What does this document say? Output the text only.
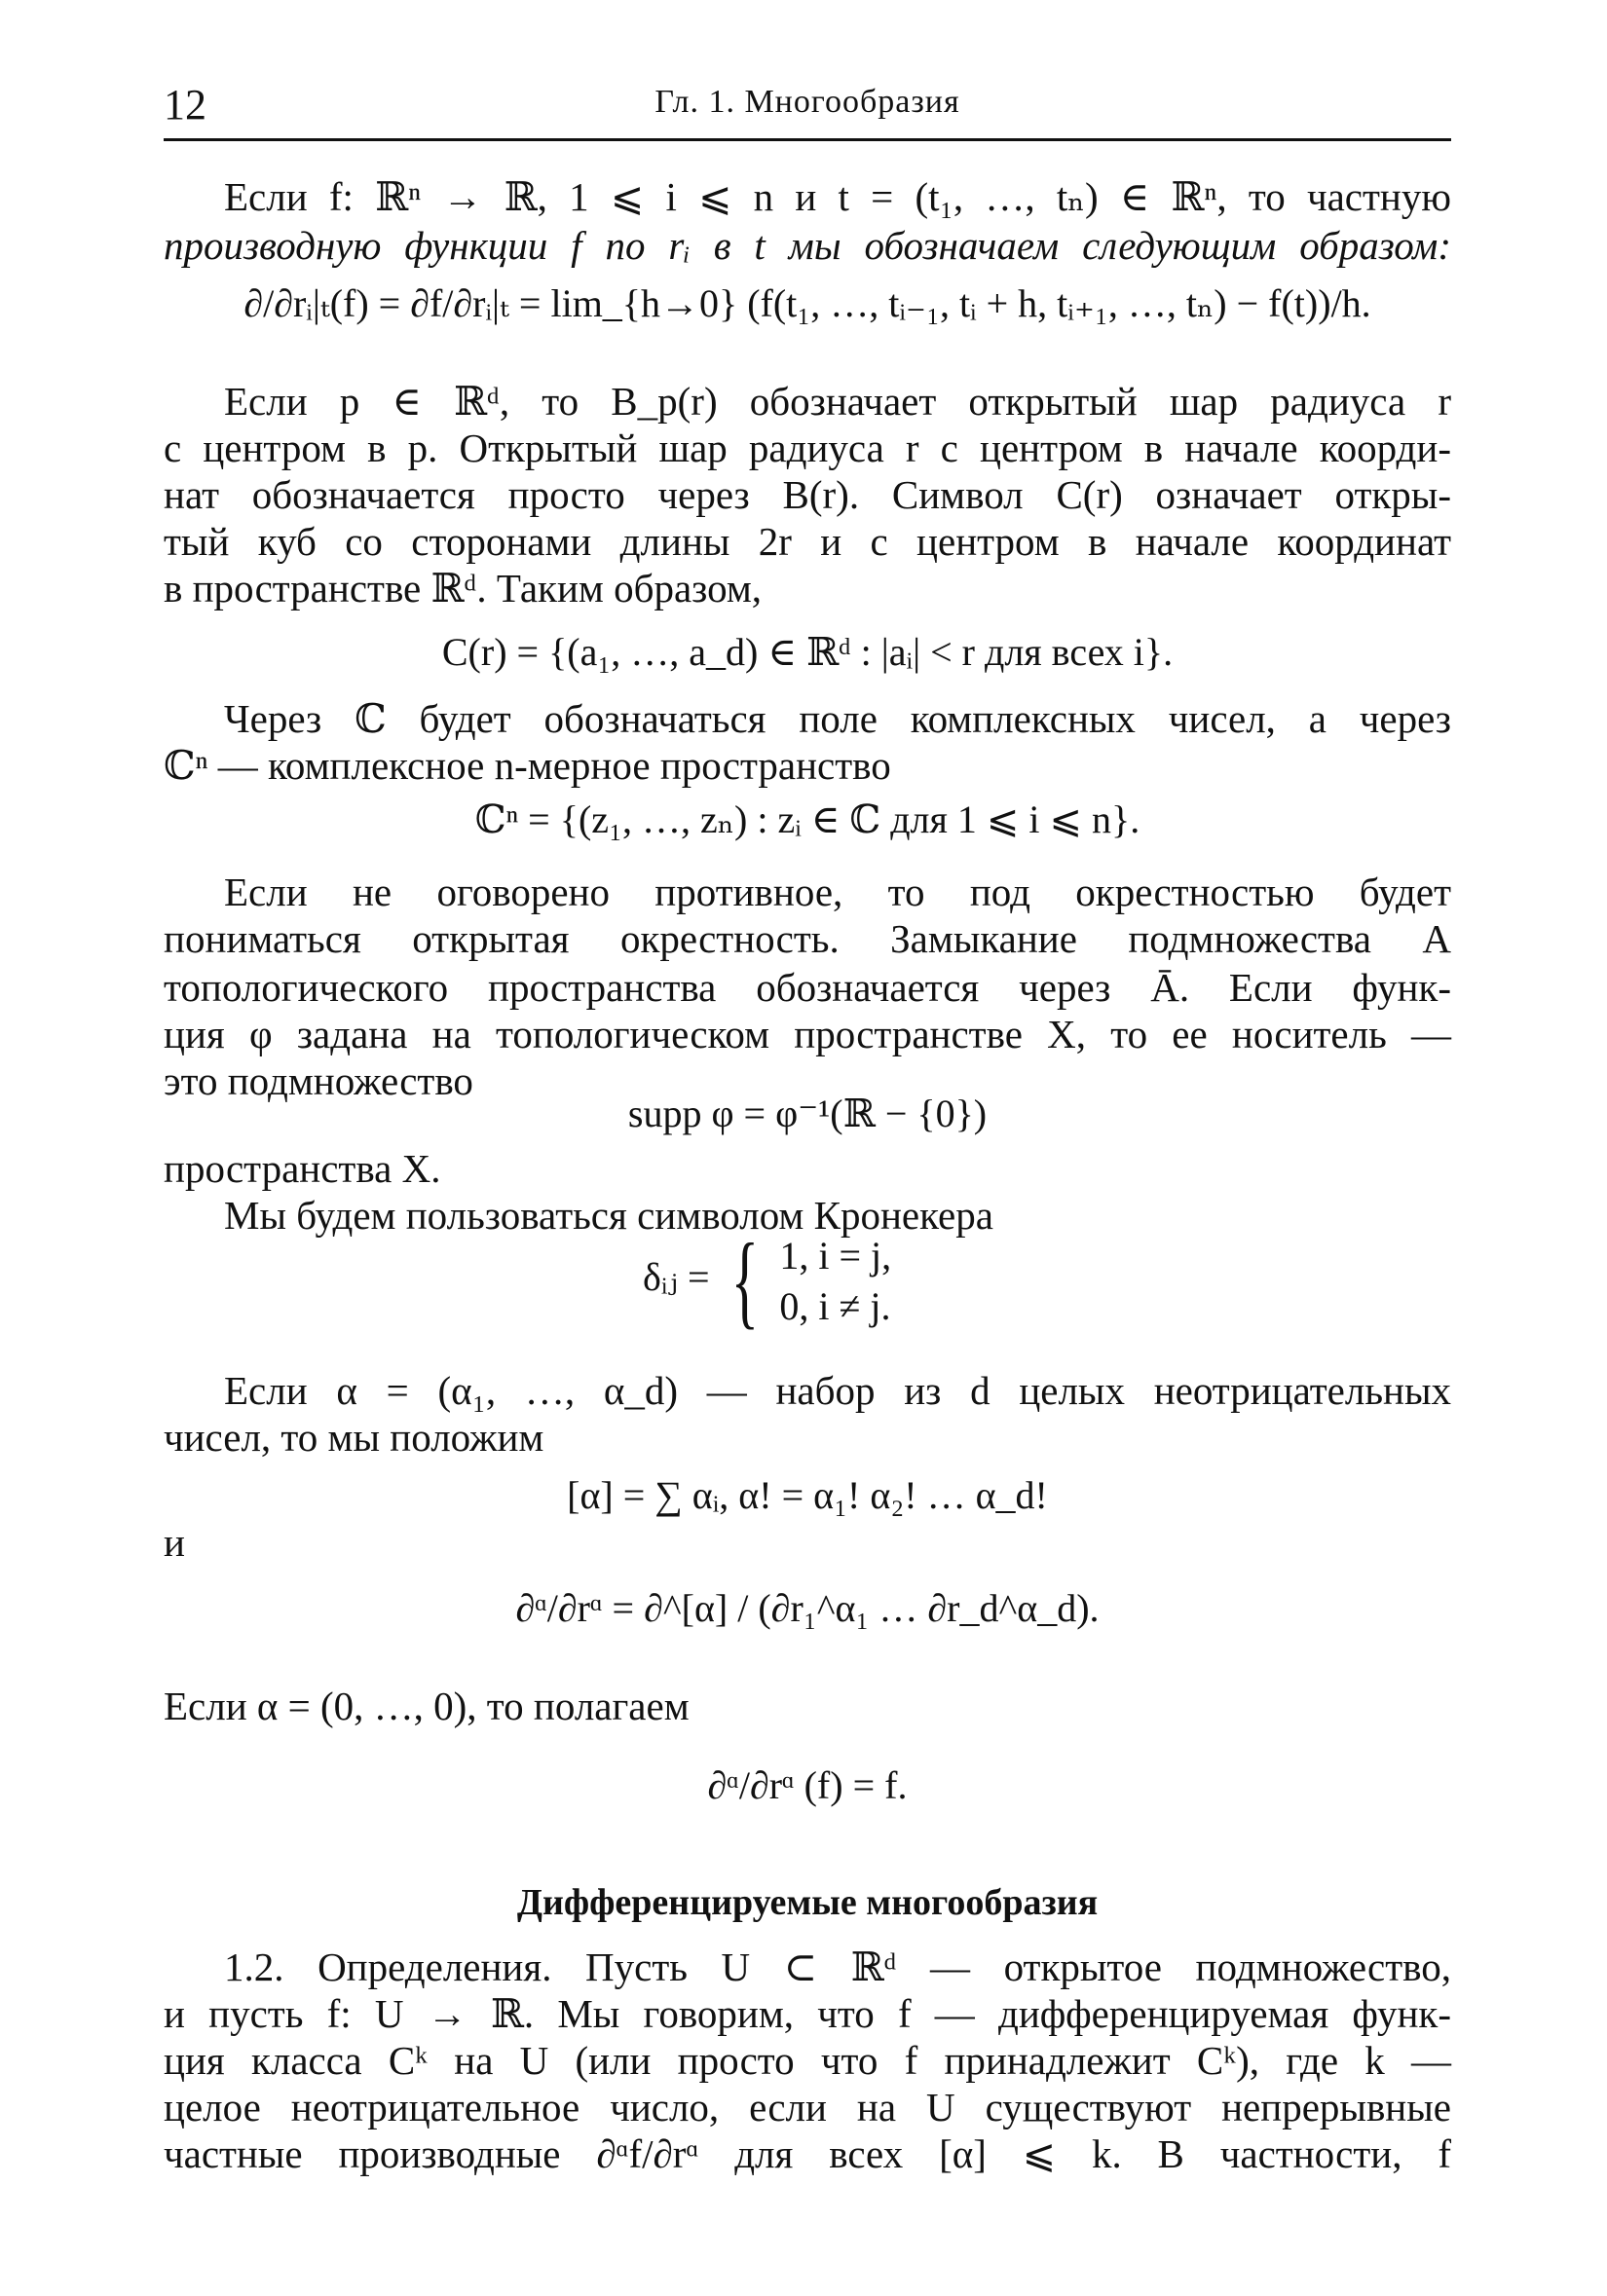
12	Гл. 1. Многообразия
Если f: ℝⁿ → ℝ, 1 ⩽ i ⩽ n и t = (t₁, …, tₙ) ∈ ℝⁿ, то частную
производную функции f по rᵢ в t мы обозначаем следующим образом:
∂/∂rᵢ|ₜ(f) = ∂f/∂rᵢ|ₜ = lim_{h→0} (f(t₁, …, tᵢ₋₁, tᵢ + h, tᵢ₊₁, …, tₙ) − f(t))/h.
Если p ∈ ℝᵈ, то B_p(r) обозначает открытый шар радиуса r
с центром в p. Открытый шар радиуса r с центром в начале коорди-
нат обозначается просто через B(r). Символ C(r) означает откры-
тый куб со сторонами длины 2r и с центром в начале координат
в пространстве ℝᵈ. Таким образом,
C(r) = {(a₁, …, a_d) ∈ ℝᵈ : |aᵢ| < r для всех i}.
Через ℂ будет обозначаться поле комплексных чисел, а через
ℂⁿ — комплексное n-мерное пространство
ℂⁿ = {(z₁, …, zₙ) : zᵢ ∈ ℂ для 1 ⩽ i ⩽ n}.
Если не оговорено противное, то под окрестностью будет
пониматься открытая окрестность. Замыкание подмножества A
топологического пространства обозначается через Ā. Если функ-
ция φ задана на топологическом пространстве X, то ее носитель —
это подмножество
supp φ = φ⁻¹(ℝ − {0})
пространства X.
Мы будем пользоваться символом Кронекера
δᵢⱼ = { 1, i = j,
0, i ≠ j.
Если α = (α₁, …, α_d) — набор из d целых неотрицательных
чисел, то мы положим
[α] = ∑ αᵢ, α! = α₁! α₂! … α_d!
и
∂ᵅ/∂rᵅ = ∂^[α] / (∂r₁^α₁ … ∂r_d^α_d).
Если α = (0, …, 0), то полагаем
∂ᵅ/∂rᵅ (f) = f.
Дифференцируемые многообразия
1.2. Определения. Пусть U ⊂ ℝᵈ — открытое подмножество,
и пусть f: U → ℝ. Мы говорим, что f — дифференцируемая функ-
ция класса Cᵏ на U (или просто что f принадлежит Cᵏ), где k —
целое неотрицательное число, если на U существуют непрерывные
частные производные ∂ᵅf/∂rᵅ для всех [α] ⩽ k. В частности, f
